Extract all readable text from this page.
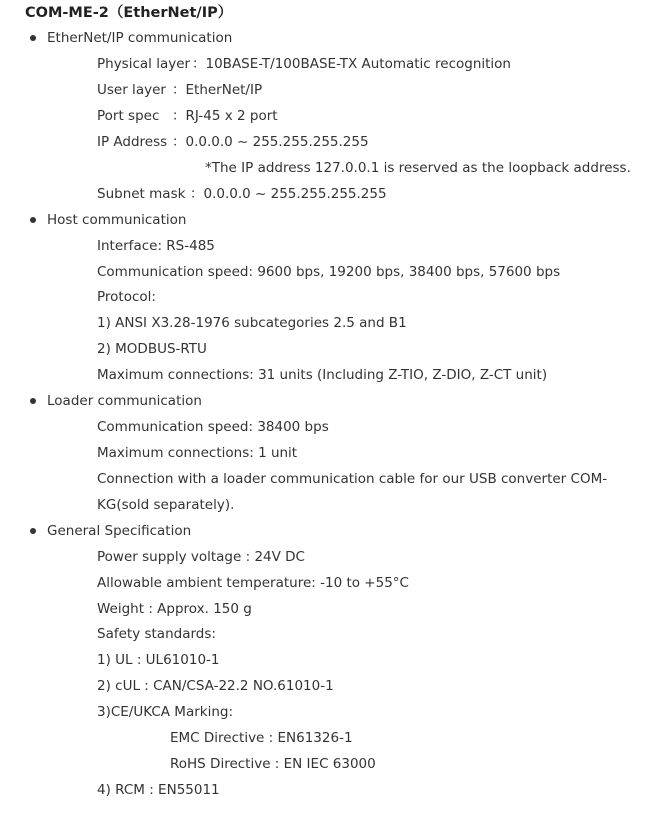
COM-ME-2（EtherNet/IP）
EtherNet/IP communication
Physical layer ：10BASE-T/100BASE-TX Automatic recognition
User layer ：EtherNet/IP
Port spec ：RJ-45 x 2 port
IP Address ：0.0.0.0 ~ 255.255.255.255
*The IP address 127.0.0.1 is reserved as the loopback address.
Subnet mask ：0.0.0.0 ~ 255.255.255.255
Host communication
Interface: RS-485
Communication speed: 9600 bps, 19200 bps, 38400 bps, 57600 bps
Protocol:
1) ANSI X3.28-1976 subcategories 2.5 and B1
2) MODBUS-RTU
Maximum connections: 31 units (Including Z-TIO, Z-DIO, Z-CT unit)
Loader communication
Communication speed: 38400 bps
Maximum connections: 1 unit
Connection with a loader communication cable for our USB converter COM-KG(sold separately).
General Specification
Power supply voltage : 24V DC
Allowable ambient temperature: -10 to +55°C
Weight : Approx. 150 g
Safety standards:
1) UL : UL61010-1
2) cUL : CAN/CSA-22.2 NO.61010-1
3)CE/UKCA Marking:
EMC Directive : EN61326-1
RoHS Directive : EN IEC 63000
4) RCM : EN55011
